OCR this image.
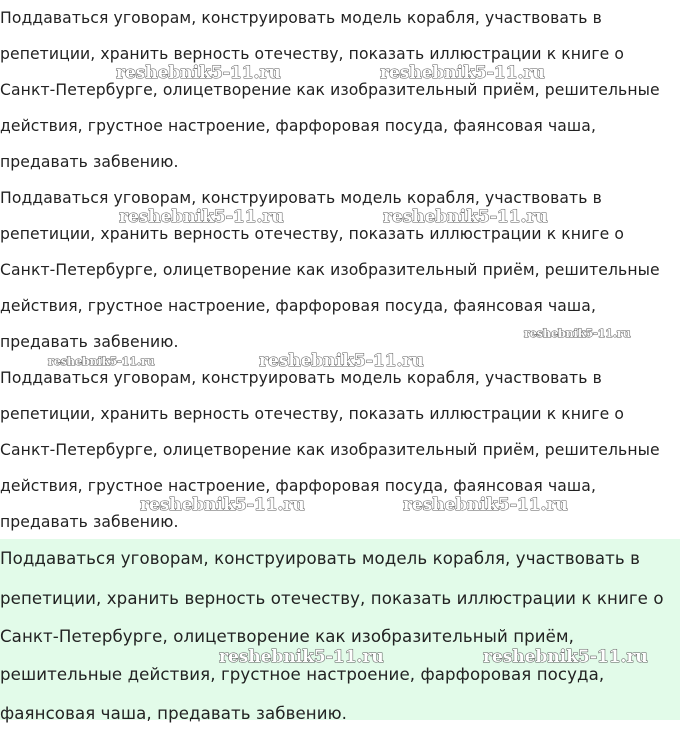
Поддаваться уговорам, конструировать модель корабля, участвовать в
репетиции, хранить верность отечеству, показать иллюстрации к книге о
Санкт-Петербурге, олицетворение как изобразительный приём, решительные
действия, грустное настроение, фарфоровая посуда, фаянсовая чаша,
предавать забвению.
Поддаваться уговорам, конструировать модель корабля, участвовать в
репетиции, хранить верность отечеству, показать иллюстрации к книге о
Санкт-Петербурге, олицетворение как изобразительный приём, решительные
действия, грустное настроение, фарфоровая посуда, фаянсовая чаша,
предавать забвению.
Поддаваться уговорам, конструировать модель корабля, участвовать в
репетиции, хранить верность отечеству, показать иллюстрации к книге о
Санкт-Петербурге, олицетворение как изобразительный приём, решительные
действия, грустное настроение, фарфоровая посуда, фаянсовая чаша,
предавать забвению.
Поддаваться уговорам, конструировать модель корабля, участвовать в
репетиции, хранить верность отечеству, показать иллюстрации к книге о
Санкт-Петербурге, олицетворение как изобразительный приём,
решительные действия, грустное настроение, фарфоровая посуда,
фаянсовая чаша, предавать забвению.
reshebnik5-11.ru	reshebnik5-11.ru
reshebnik5-11.ru	reshebnik5-11.ru
reshebnik5-11.ru
reshebnik5-11.ru	reshebnik5-11.ru
reshebnik5-11.ru	reshebnik5-11.ru
reshebnik5-11.ru	reshebnik5-11.ru
